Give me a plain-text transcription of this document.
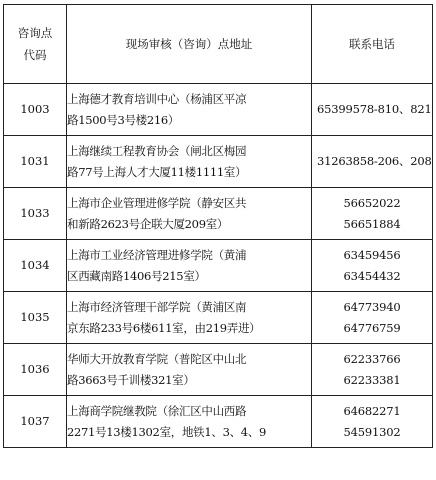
咨询点
代码	现场审核（咨询）点地址	联系电话
1003	上海德才教育培训中心（杨浦区平凉
路1500号3号楼216）	65399578-810、821

1031	上海继续工程教育协会（闸北区梅园
路77号上海人才大厦11楼1111室）	31263858-206、208

1033	上海市企业管理进修学院（静安区共
和新路2623号企联大厦209室）	56652022
56651884

1034	上海市工业经济管理进修学院（黄浦
区西藏南路1406号215室）	63459456
63454432

1035	上海市经济管理干部学院（黄浦区南
京东路233号6楼611室，由219弄进）	64773940
64776759

1036	华师大开放教育学院（普陀区中山北
路3663号千训楼321室）	62233766
62233381

1037	上海商学院继教院（徐汇区中山西路
2271号13楼1302室，地铁1、3、4、9	64682271
54591302
